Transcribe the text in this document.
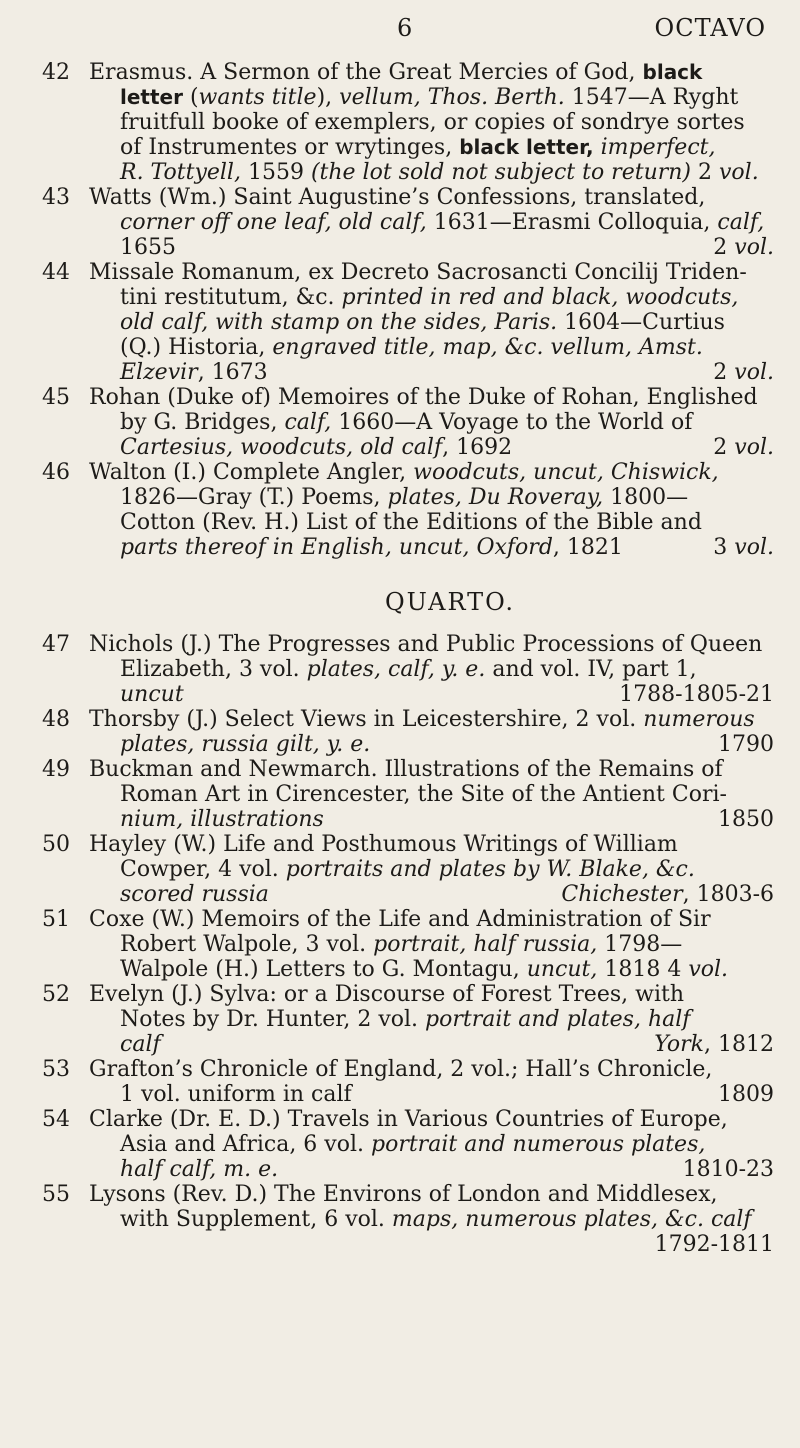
6	OCTAVO
42 Erasmus. A Sermon of the Great Mercies of God, black
letter (wants title), vellum, Thos. Berth. 1547—A Ryght
fruitfull booke of exemplers, or copies of sondrye sortes
of Instrumentes or wrytinges, black letter, imperfect,
R. Tottyell, 1559 (the lot sold not subject to return) 2 vol.
43 Watts (Wm.) Saint Augustine’s Confessions, translated,
corner off one leaf, old calf, 1631—Erasmi Colloquia, calf,
1655	2 vol.
44 Missale Romanum, ex Decreto Sacrosancti Concilij Triden-
tini restitutum, &c. printed in red and black, woodcuts,
old calf, with stamp on the sides, Paris. 1604—Curtius
(Q.) Historia, engraved title, map, &c. vellum, Amst.
Elzevir, 1673	2 vol.
45 Rohan (Duke of) Memoires of the Duke of Rohan, Englished
by G. Bridges, calf, 1660—A Voyage to the World of
Cartesius, woodcuts, old calf, 1692	2 vol.
46 Walton (I.) Complete Angler, woodcuts, uncut, Chiswick,
1826—Gray (T.) Poems, plates, Du Roveray, 1800—
Cotton (Rev. H.) List of the Editions of the Bible and
parts thereof in English, uncut, Oxford, 1821	3 vol.
QUARTO.
47 Nichols (J.) The Progresses and Public Processions of Queen
Elizabeth, 3 vol. plates, calf, y. e. and vol. IV, part 1,
uncut	1788-1805-21
48 Thorsby (J.) Select Views in Leicestershire, 2 vol. numerous
plates, russia gilt, y. e.	1790
49 Buckman and Newmarch. Illustrations of the Remains of
Roman Art in Cirencester, the Site of the Antient Cori-
nium, illustrations	1850
50 Hayley (W.) Life and Posthumous Writings of William
Cowper, 4 vol. portraits and plates by W. Blake, &c.
scored russia	Chichester, 1803-6
51 Coxe (W.) Memoirs of the Life and Administration of Sir
Robert Walpole, 3 vol. portrait, half russia, 1798—
Walpole (H.) Letters to G. Montagu, uncut, 1818 4 vol.
52 Evelyn (J.) Sylva: or a Discourse of Forest Trees, with
Notes by Dr. Hunter, 2 vol. portrait and plates, half
calf	York, 1812
53 Grafton’s Chronicle of England, 2 vol.; Hall’s Chronicle,
1 vol. uniform in calf	1809
54 Clarke (Dr. E. D.) Travels in Various Countries of Europe,
Asia and Africa, 6 vol. portrait and numerous plates,
half calf, m. e.	1810-23
55 Lysons (Rev. D.) The Environs of London and Middlesex,
with Supplement, 6 vol. maps, numerous plates, &c. calf
1792-1811
